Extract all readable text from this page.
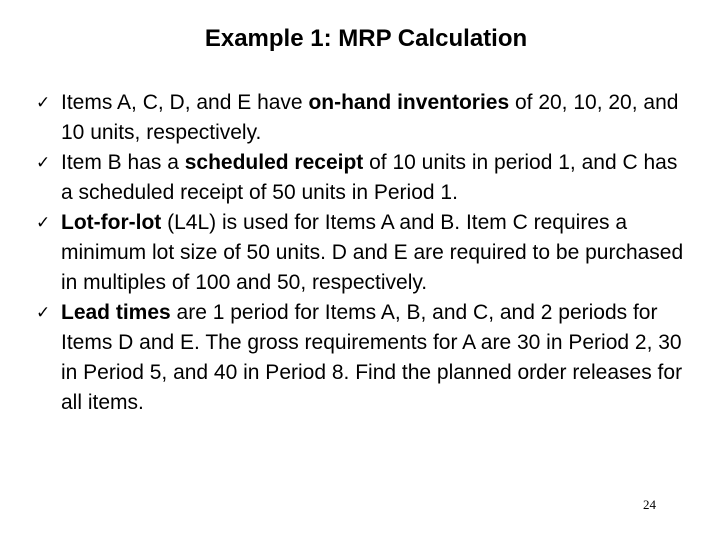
Example 1: MRP Calculation
✓ Items A, C, D, and E have on-hand inventories of 20, 10, 20, and 10 units, respectively.
✓ Item B has a scheduled receipt of 10 units in period 1, and C has a scheduled receipt of 50 units in Period 1.
✓ Lot-for-lot (L4L) is used for Items A and B. Item C requires a minimum lot size of 50 units. D and E are required to be purchased in multiples of 100 and 50, respectively.
✓ Lead times are 1 period for Items A, B, and C, and 2 periods for Items D and E. The gross requirements for A are 30 in Period 2, 30 in Period 5, and 40 in Period 8. Find the planned order releases for all items.
24
